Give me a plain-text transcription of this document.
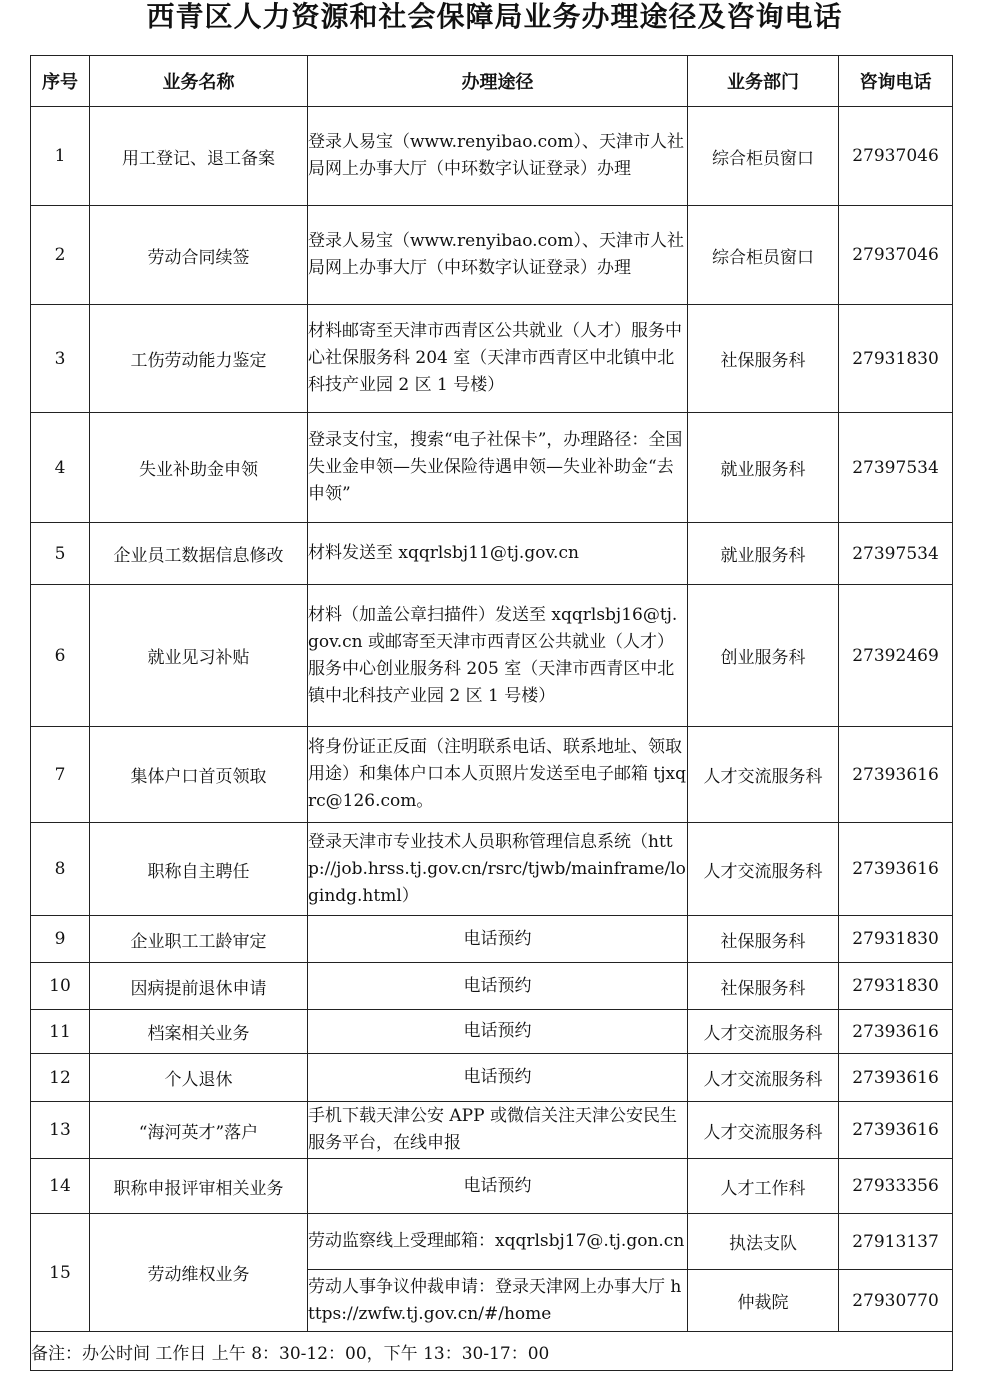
西青区人力资源和社会保障局业务办理途径及咨询电话
序号	业务名称	办理途径	业务部门	咨询电话
1	用工登记、退工备案	登录人易宝（www.renyibao.com）、天津市人社局网上办事大厅（中环数字认证登录）办理	综合柜员窗口	27937046
2	劳动合同续签	登录人易宝（www.renyibao.com）、天津市人社局网上办事大厅（中环数字认证登录）办理	综合柜员窗口	27937046
3	工伤劳动能力鉴定	材料邮寄至天津市西青区公共就业（人才）服务中心社保服务科 204 室（天津市西青区中北镇中北科技产业园 2 区 1 号楼）	社保服务科	27931830
4	失业补助金申领	登录支付宝，搜索“电子社保卡”，办理路径：全国失业金申领—失业保险待遇申领—失业补助金“去申领”	就业服务科	27397534
5	企业员工数据信息修改	材料发送至 xqqrlsbj11@tj.gov.cn	就业服务科	27397534
6	就业见习补贴	材料（加盖公章扫描件）发送至 xqqrlsbj16@tj.gov.cn 或邮寄至天津市西青区公共就业（人才）服务中心创业服务科 205 室（天津市西青区中北镇中北科技产业园 2 区 1 号楼）	创业服务科	27392469
7	集体户口首页领取	将身份证正反面（注明联系电话、联系地址、领取用途）和集体户口本人页照片发送至电子邮箱 tjxqrc@126.com。	人才交流服务科	27393616
8	职称自主聘任	登录天津市专业技术人员职称管理信息系统（http://job.hrss.tj.gov.cn/rsrc/tjwb/mainframe/logindg.html）	人才交流服务科	27393616
9	企业职工工龄审定	电话预约	社保服务科	27931830
10	因病提前退休申请	电话预约	社保服务科	27931830
11	档案相关业务	电话预约	人才交流服务科	27393616
12	个人退休	电话预约	人才交流服务科	27393616
13	“海河英才”落户	手机下载天津公安 APP 或微信关注天津公安民生服务平台，在线申报	人才交流服务科	27393616
14	职称申报评审相关业务	电话预约	人才工作科	27933356
15	劳动维权业务	劳动监察线上受理邮箱：xqqrlsbj17@.tj.gon.cn	执法支队	27913137
		劳动人事争议仲裁申请：登录天津网上办事大厅 https://zwfw.tj.gov.cn/#/home	仲裁院	27930770
备注：办公时间 工作日 上午 8：30-12：00，下午 13：30-17：00				
